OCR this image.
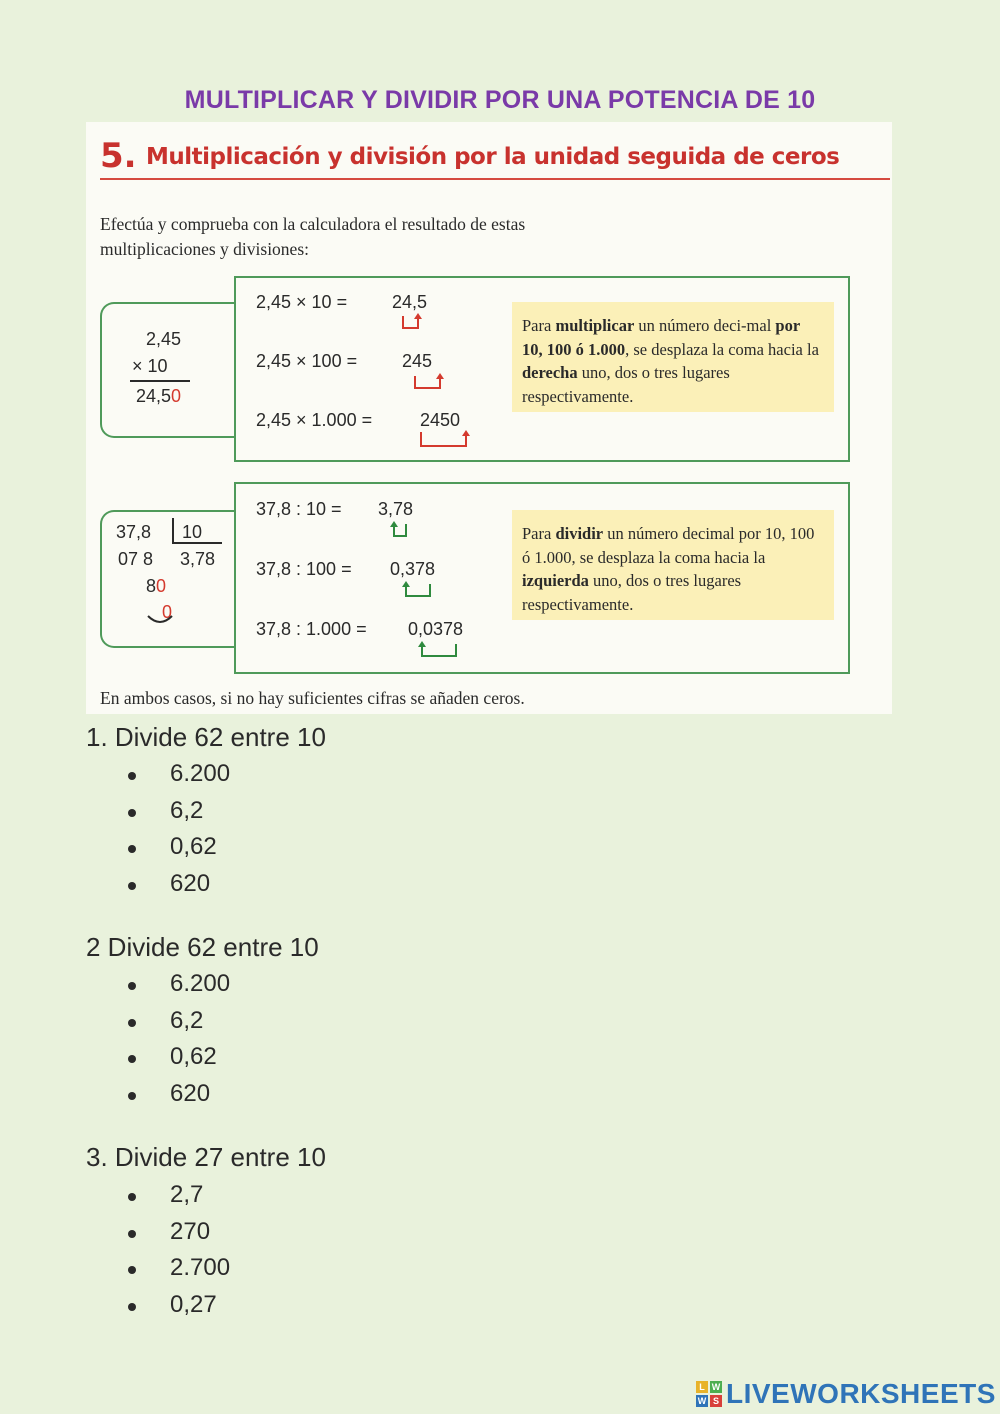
MULTIPLICAR Y DIVIDIR POR UNA POTENCIA DE 10
5. Multiplicación y división por la unidad seguida de ceros
Efectúa y comprueba con la calculadora el resultado de estas
multiplicaciones y divisiones:
2,45
× 10
24,50
2,45 × 10 = 24,5
2,45 × 100 = 245
2,45 × 1.000 =	2450
Para multiplicar un número deci-mal por 10, 100 ó 1.000, se desplaza la coma hacia la derecha uno, dos o tres lugares respectivamente.
37,8 10
07 8 3,78
80
0
37,8 : 10 = 3,78
37,8 : 100 = 0,378
37,8 : 1.000 = 0,0378
Para dividir un número decimal por 10, 100 ó 1.000, se desplaza la coma hacia la izquierda uno, dos o tres lugares respectivamente.
En ambos casos, si no hay suficientes cifras se añaden ceros.
1. Divide 62 entre 10
6.200
6,2
0,62
620
2 Divide 62 entre 10
6.200
6,2
0,62
620
3. Divide 27 entre 10
2,7
270
2.700
0,27
L W
W S LIVEWORKSHEETS
